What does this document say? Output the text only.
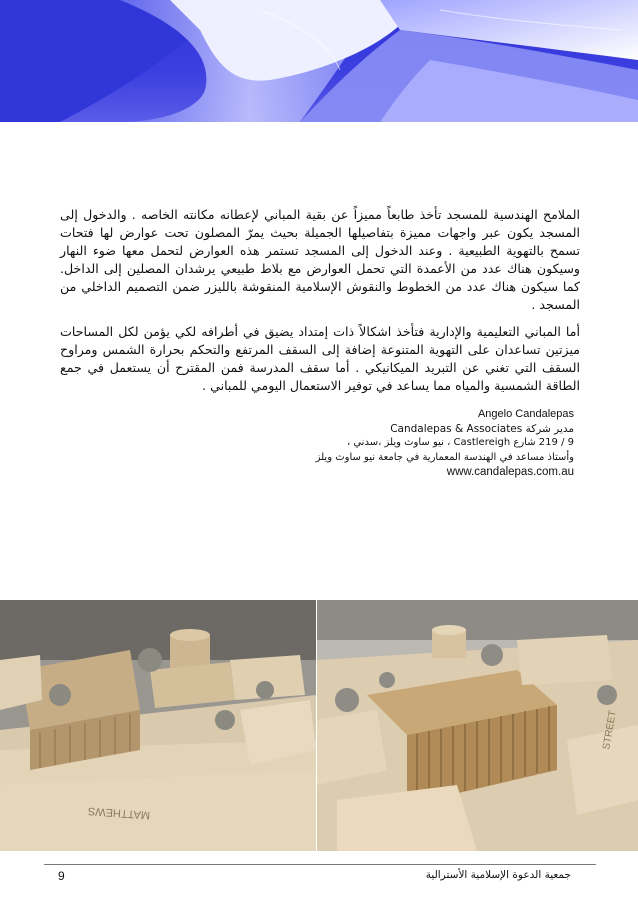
الملامح الهندسية للمسجد تأخذ طابعاً مميزاً عن بقية المباني لإعطانه مكانته الخاصه . والدخول إلى المسجد يكون عبر واجهات مميزة بتفاصيلها الجميلة بحيث يمرّ المصلون تحت عوارض لها فتحات تسمح بالتهوية الطبيعية . وعند الدخول إلى المسجد تستمر هذه العوارض لتحمل معها ضوء النهار وسيكون هناك عدد من الأعمدة التي تحمل العوارض مع بلاط طبيعي يرشدان المصلين إلى الداخل. كما سيكون هناك عدد من الخطوط والنقوش الإسلامية المنقوشة بالليزر ضمن التصميم الداخلي من المسجد .

أما المباني التعليمية والإدارية فتأخذ اشكالاً ذات إمتداد يضيق في أطرافه لكي يؤمن لكل المساحات ميزتين تساعدان على التهوية المتنوعة إضافة إلى السقف المرتفع والتحكم بحرارة الشمس ومراوح السقف التي تغني عن التبريد الميكانيكي . أما سقف المدرسة فمن المقترح أن يستعمل في جمع الطاقة الشمسية والمياه مما يساعد في توفير الاستعمال اليومي للمباني .

Angelo Candalepas
مدير شركة Candalepas & Associates
9 / 219 شارع Castlereigh ، نيو ساوث ويلز ،سدني ،
وأستاذ مساعد في الهندسة المعمارية في جامعة نيو ساوث ويلز
www.candalepas.com.au
MATTHEWS
STREET
9	جمعية الدعوة الإسلامية الأسترالية
